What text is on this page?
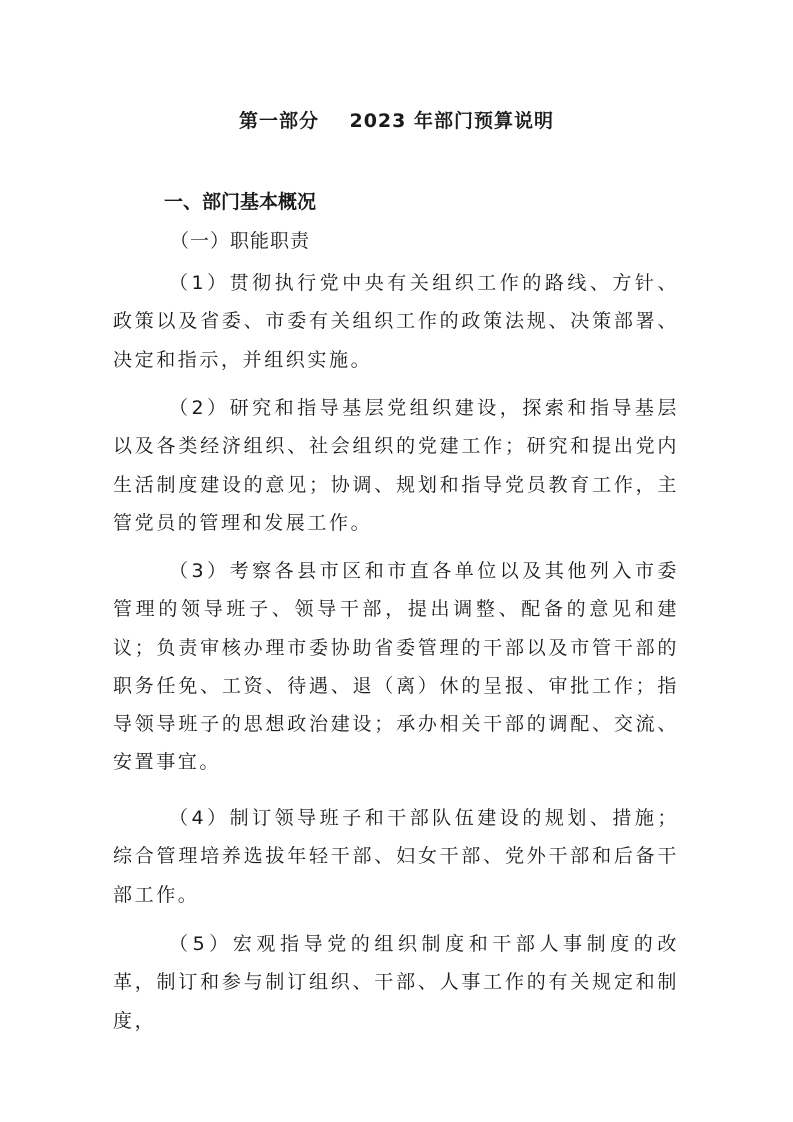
第一部分    2023 年部门预算说明
一、部门基本概况
（一）职能职责

（1）贯彻执行党中央有关组织工作的路线、方针、政策以及省委、市委有关组织工作的政策法规、决策部署、决定和指示，并组织实施。

（2）研究和指导基层党组织建设，探索和指导基层以及各类经济组织、社会组织的党建工作；研究和提出党内生活制度建设的意见；协调、规划和指导党员教育工作，主管党员的管理和发展工作。

（3）考察各县市区和市直各单位以及其他列入市委管理的领导班子、领导干部，提出调整、配备的意见和建议；负责审核办理市委协助省委管理的干部以及市管干部的职务任免、工资、待遇、退（离）休的呈报、审批工作；指导领导班子的思想政治建设；承办相关干部的调配、交流、安置事宜。

（4）制订领导班子和干部队伍建设的规划、措施；综合管理培养选拔年轻干部、妇女干部、党外干部和后备干部工作。

（5）宏观指导党的组织制度和干部人事制度的改革，制订和参与制订组织、干部、人事工作的有关规定和制度，
